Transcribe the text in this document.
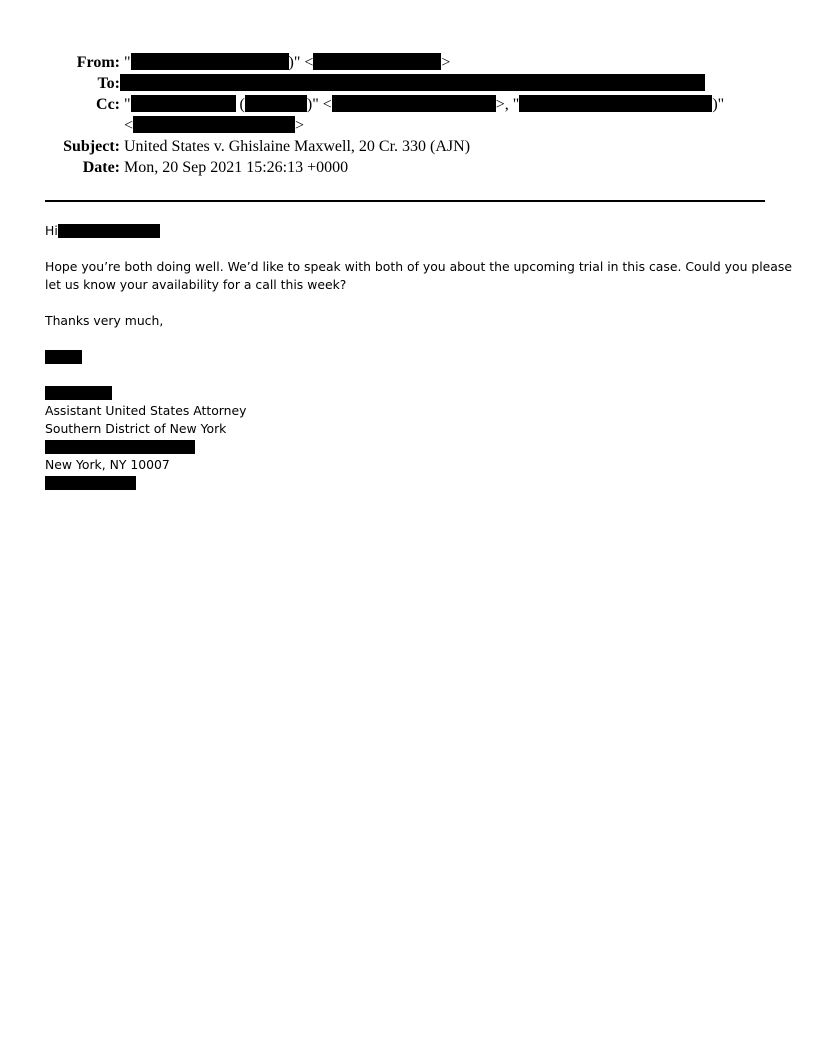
From: "	)" <	>
To:
Cc: "	(	)" <	>, "	)"
<	>
Subject: United States v. Ghislaine Maxwell, 20 Cr. 330 (AJN)
Date: Mon, 20 Sep 2021 15:26:13 +0000
Hi
Hope you’re both doing well. We’d like to speak with both of you about the upcoming trial in this case. Could you please
let us know your availability for a call this week?
Thanks very much,
Assistant United States Attorney
Southern District of New York
New York, NY 10007
